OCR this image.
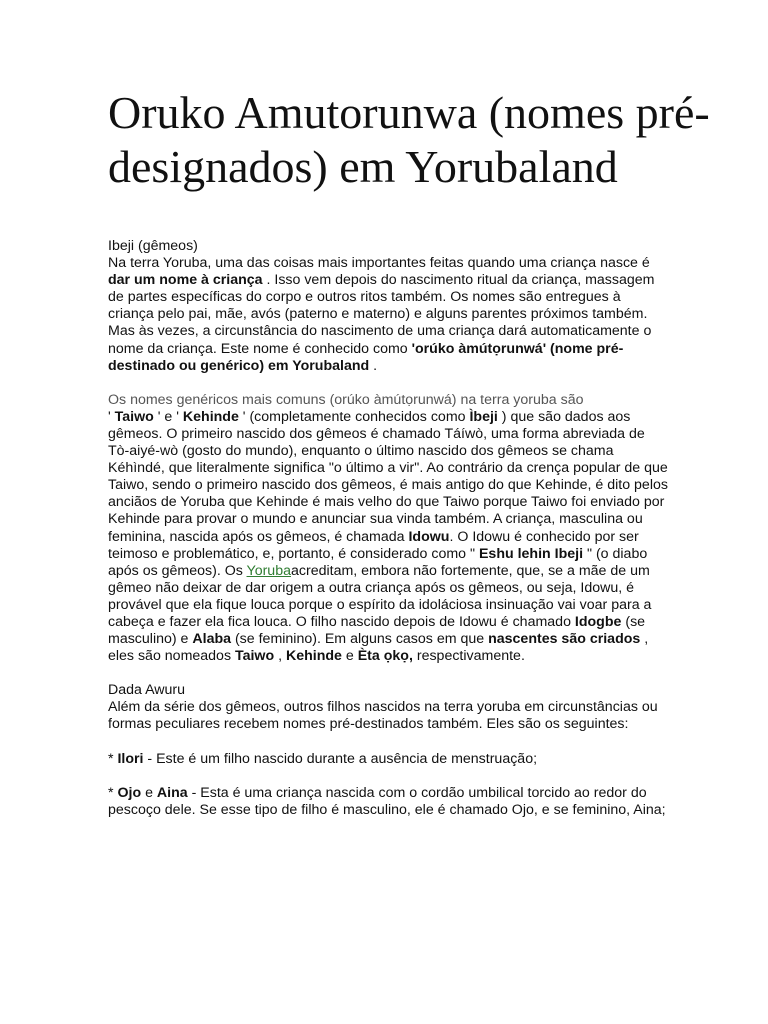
Oruko Amutorunwa (nomes pré-designados) em Yorubaland

Ibeji (gêmeos)

Na terra Yoruba, uma das coisas mais importantes feitas quando uma criança nasce é dar um nome à criança . Isso vem depois do nascimento ritual da criança, massagem de partes específicas do corpo e outros ritos também. Os nomes são entregues à criança pelo pai, mãe, avós (paterno e materno) e alguns parentes próximos também. Mas às vezes, a circunstância do nascimento de uma criança dará automaticamente o nome da criança. Este nome é conhecido como 'orúko àmútọrunwá' (nome pré-destinado ou genérico) em Yorubaland .

Os nomes genéricos mais comuns (orúko àmútọrunwá) na terra yoruba são

' Taiwo ' e ' Kehinde ' (completamente conhecidos como Ìbeji ) que são dados aos gêmeos. O primeiro nascido dos gêmeos é chamado Táíwò, uma forma abreviada de Tò-aiyé-wò (gosto do mundo), enquanto o último nascido dos gêmeos se chama Kéhìndé, que literalmente significa "o último a vir". Ao contrário da crença popular de que Taiwo, sendo o primeiro nascido dos gêmeos, é mais antigo do que Kehinde, é dito pelos anciãos de Yoruba que Kehinde é mais velho do que Taiwo porque Taiwo foi enviado por Kehinde para provar o mundo e anunciar sua vinda também. A criança, masculina ou feminina, nascida após os gêmeos, é chamada Idowu. O Idowu é conhecido por ser teimoso e problemático, e, portanto, é considerado como " Eshu lehin Ibeji " (o diabo após os gêmeos). Os Yorubaacreditam, embora não fortemente, que, se a mãe de um gêmeo não deixar de dar origem a outra criança após os gêmeos, ou seja, Idowu, é provável que ela fique louca porque o espírito da idoláciosa insinuação vai voar para a cabeça e fazer ela fica louca. O filho nascido depois de Idowu é chamado Idogbe (se masculino) e Alaba (se feminino). Em alguns casos em que nascentes são criados , eles são nomeados Taiwo , Kehinde e Èta ọkọ, respectivamente.

Dada Awuru

Além da série dos gêmeos, outros filhos nascidos na terra yoruba em circunstâncias ou formas peculiares recebem nomes pré-destinados também. Eles são os seguintes:

* Ilori - Este é um filho nascido durante a ausência de menstruação;

* Ojo e Aina - Esta é uma criança nascida com o cordão umbilical torcido ao redor do pescoço dele. Se esse tipo de filho é masculino, ele é chamado Ojo, e se feminino, Aina;
